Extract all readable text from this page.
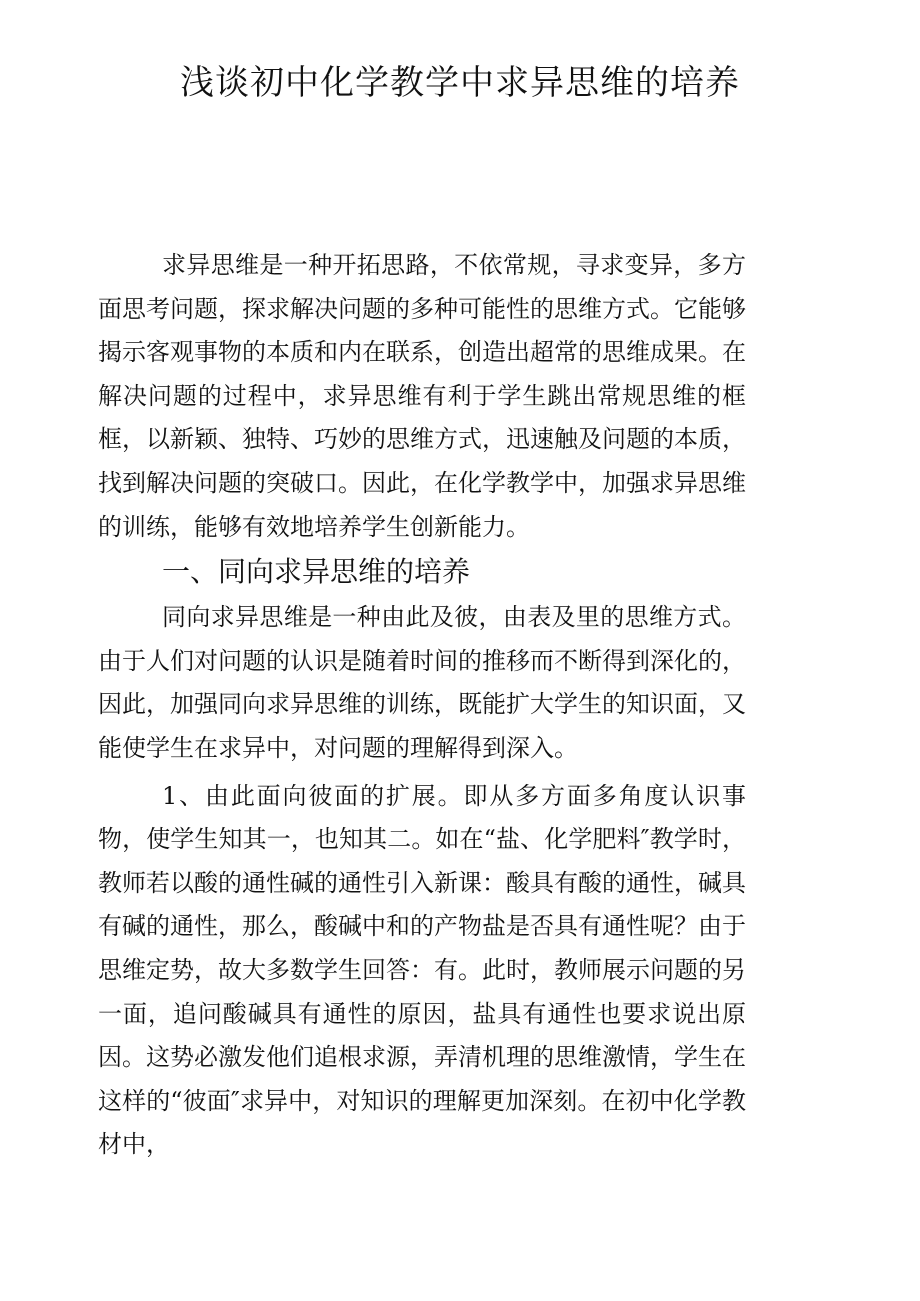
浅谈初中化学教学中求异思维的培养

求异思维是一种开拓思路，不依常规，寻求变异，多方面思考问题，探求解决问题的多种可能性的思维方式。它能够揭示客观事物的本质和内在联系，创造出超常的思维成果。在解决问题的过程中，求异思维有利于学生跳出常规思维的框框，以新颖、独特、巧妙的思维方式，迅速触及问题的本质，找到解决问题的突破口。因此，在化学教学中，加强求异思维的训练，能够有效地培养学生创新能力。

一、同向求异思维的培养

同向求异思维是一种由此及彼，由表及里的思维方式。由于人们对问题的认识是随着时间的推移而不断得到深化的，因此，加强同向求异思维的训练，既能扩大学生的知识面，又能使学生在求异中，对问题的理解得到深入。

1、由此面向彼面的扩展。即从多方面多角度认识事物，使学生知其一，也知其二。如在“盐、化学肥料″教学时，教师若以酸的通性碱的通性引入新课：酸具有酸的通性，碱具有碱的通性，那么，酸碱中和的产物盐是否具有通性呢？由于思维定势，故大多数学生回答：有。此时，教师展示问题的另一面，追问酸碱具有通性的原因，盐具有通性也要求说出原因。这势必激发他们追根求源，弄清机理的思维激情，学生在这样的“彼面″求异中，对知识的理解更加深刻。在初中化学教材中，
